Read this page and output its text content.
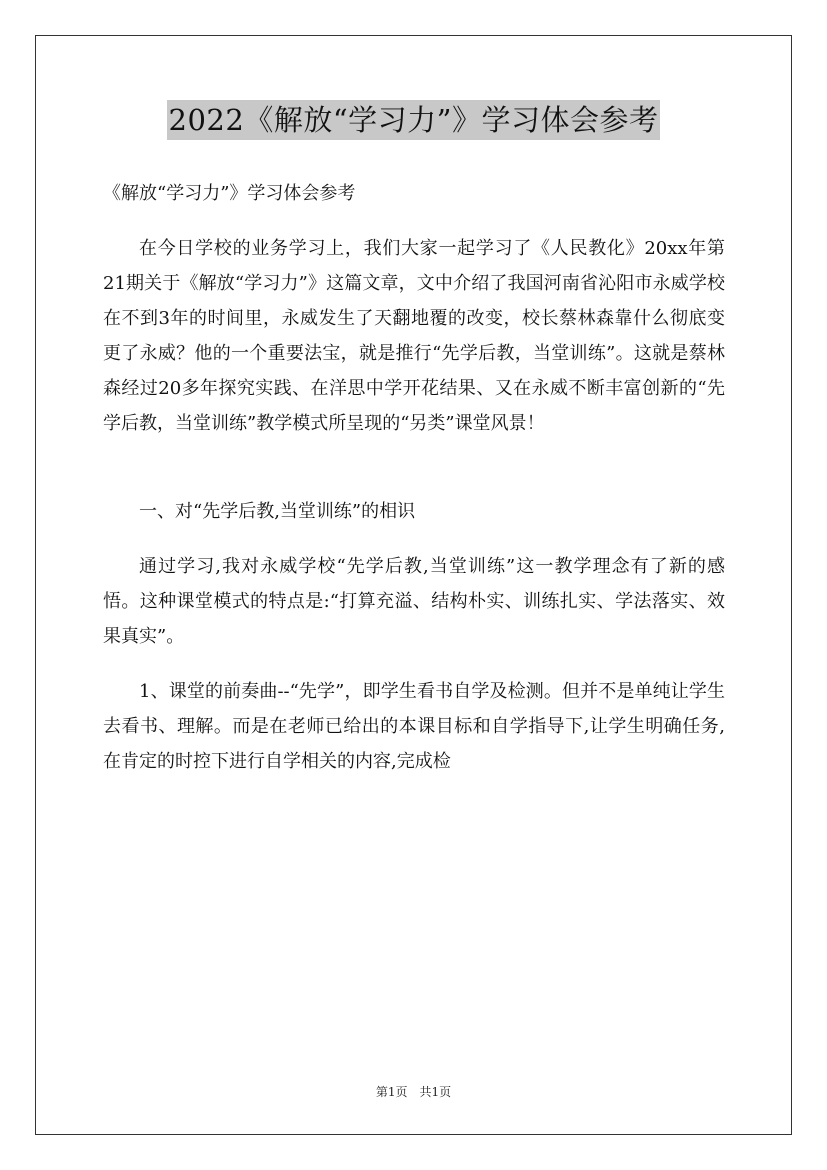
2022《解放“学习力”》学习体会参考
《解放“学习力”》学习体会参考

在今日学校的业务学习上，我们大家一起学习了《人民教化》20xx年第21期关于《解放“学习力”》这篇文章，文中介绍了我国河南省沁阳市永威学校在不到3年的时间里，永威发生了天翻地覆的改变，校长蔡林森靠什么彻底变更了永威？他的一个重要法宝，就是推行“先学后教，当堂训练”。这就是蔡林森经过20多年探究实践、在洋思中学开花结果、又在永威不断丰富创新的“先学后教，当堂训练”教学模式所呈现的“另类”课堂风景！

一、对“先学后教,当堂训练”的相识

通过学习,我对永威学校“先学后教,当堂训练”这一教学理念有了新的感悟。这种课堂模式的特点是:“打算充溢、结构朴实、训练扎实、学法落实、效果真实”。

1、课堂的前奏曲--“先学”，即学生看书自学及检测。但并不是单纯让学生去看书、理解。而是在老师已给出的本课目标和自学指导下,让学生明确任务,在肯定的时控下进行自学相关的内容,完成检

第1页 共1页
